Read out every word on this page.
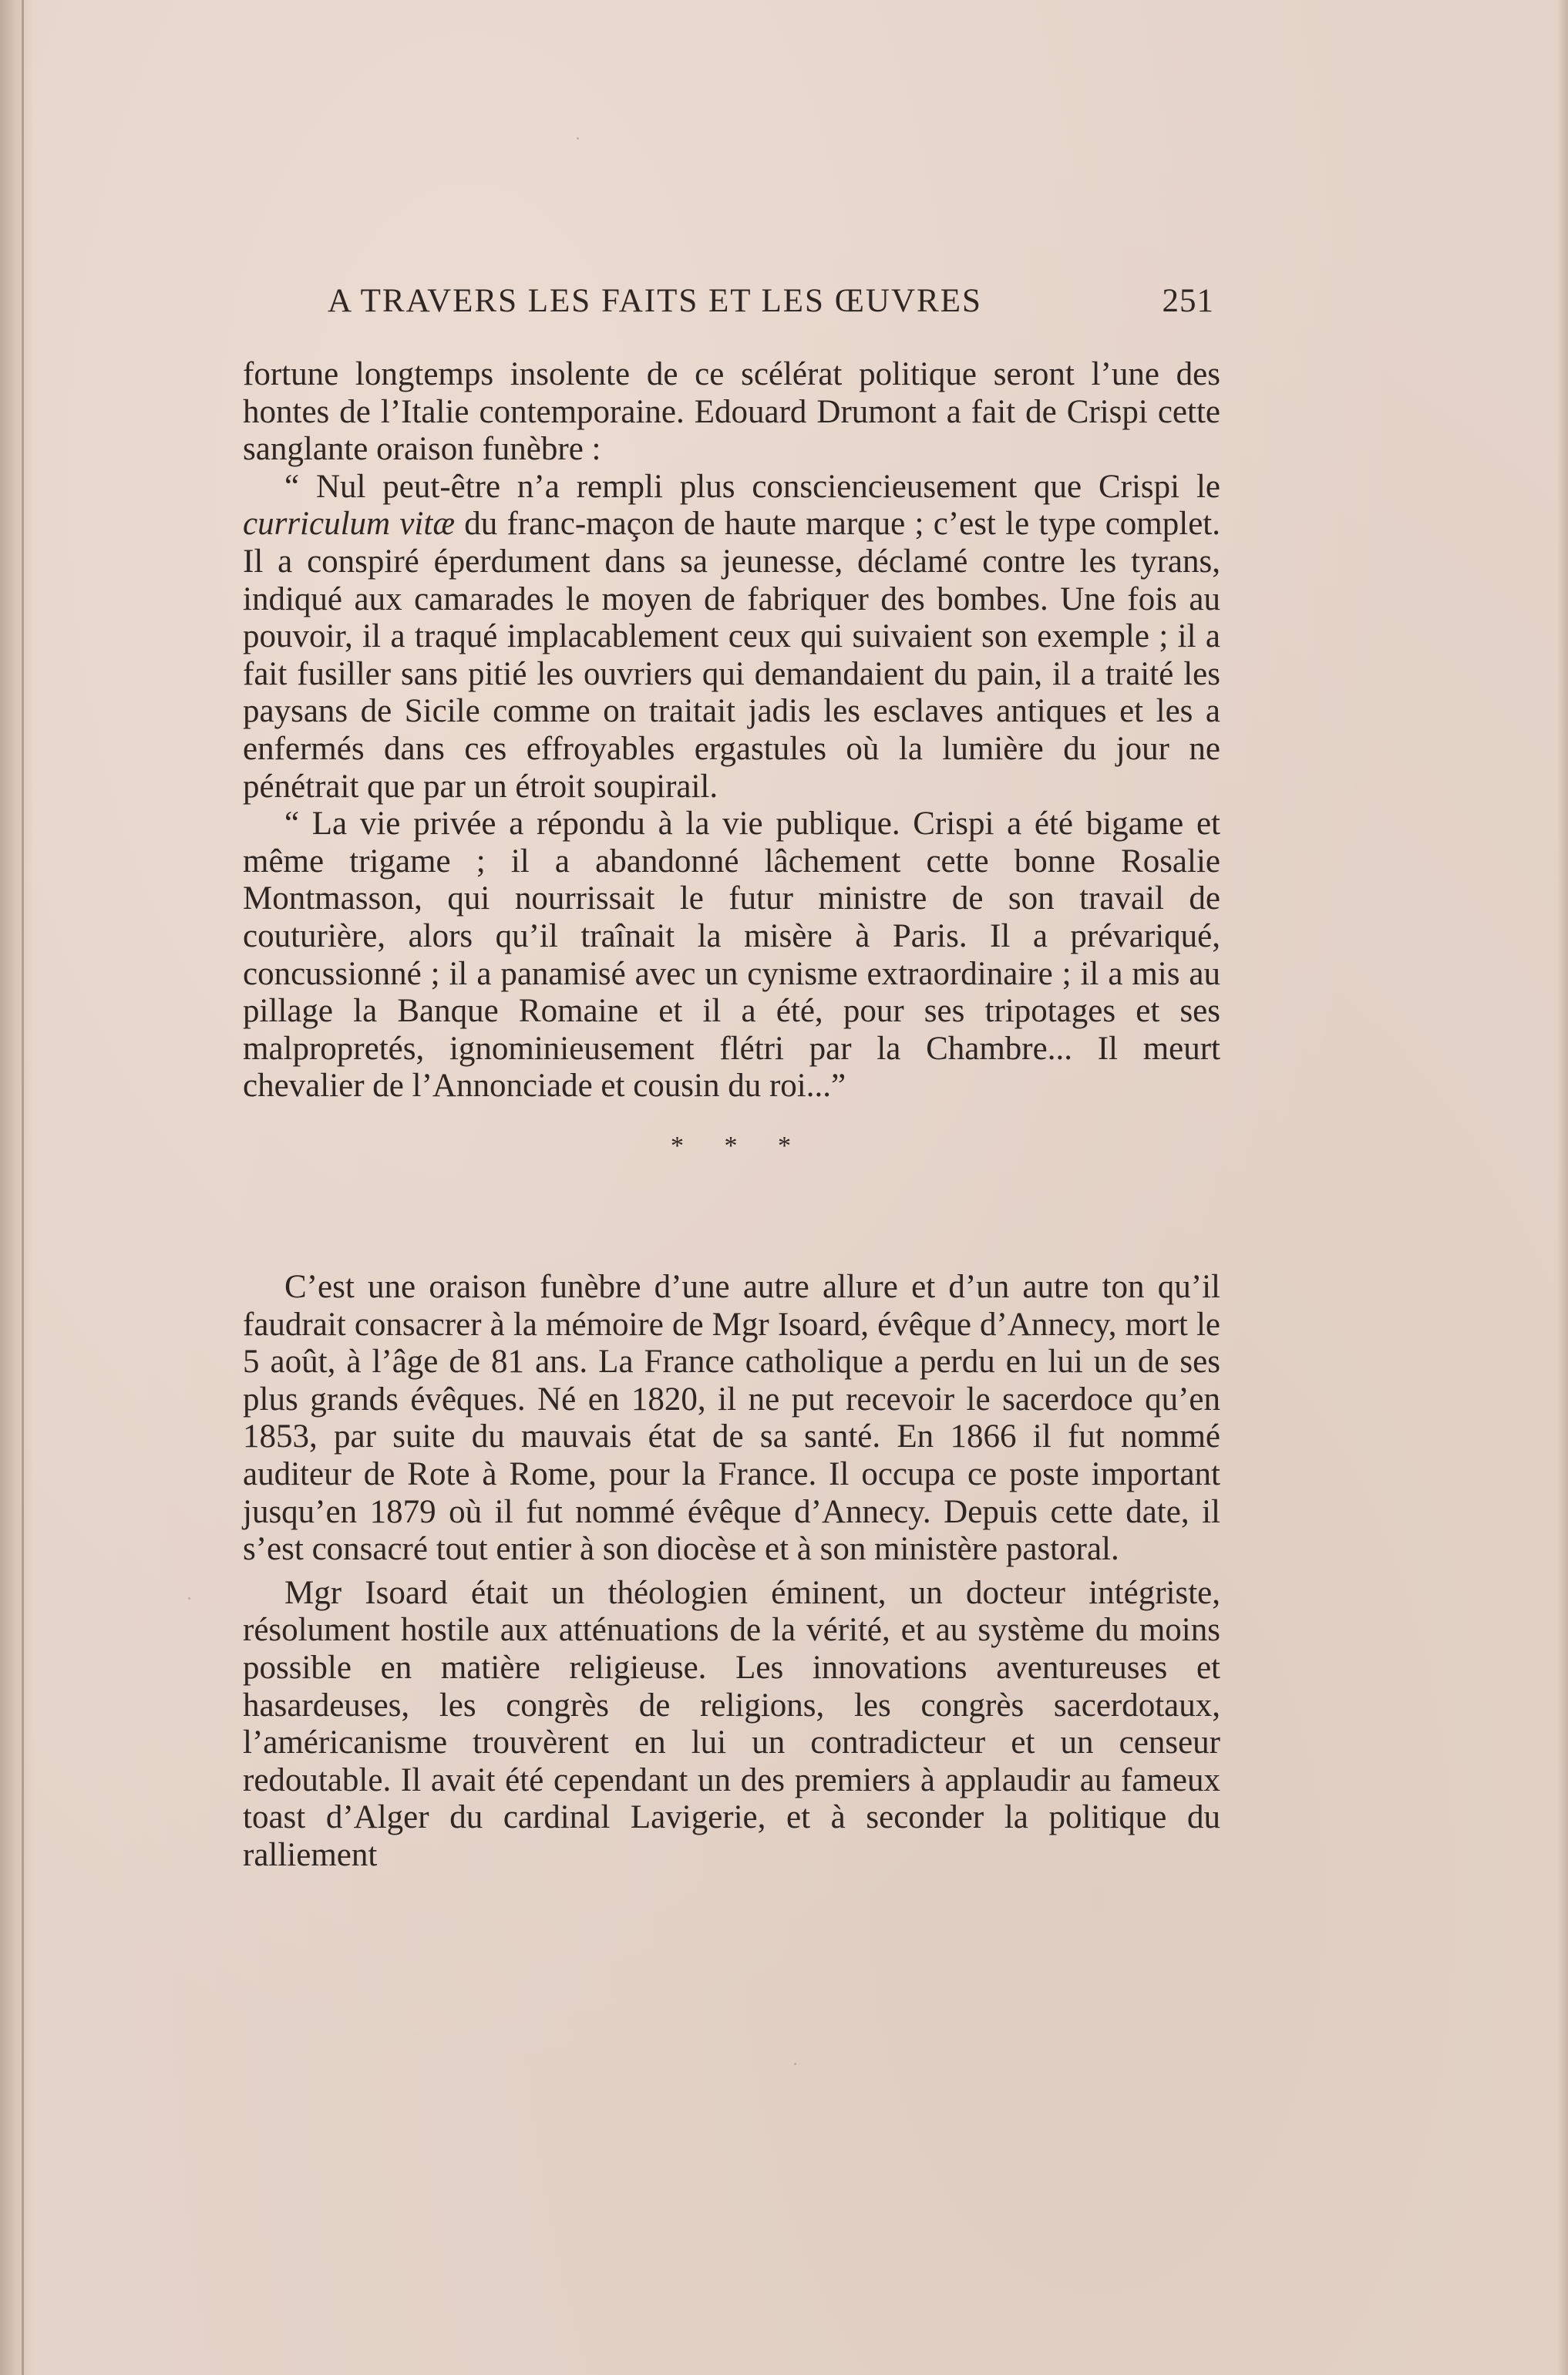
A TRAVERS LES FAITS ET LES ŒUVRES	251

fortune longtemps insolente de ce scélérat politique seront l’une des hontes de l’Italie contemporaine. Edouard Drumont a fait de Crispi cette sanglante oraison funèbre :

“ Nul peut-être n’a rempli plus consciencieusement que Crispi le curriculum vitæ du franc-maçon de haute marque ; c’est le type complet. Il a conspiré éperdument dans sa jeunesse, déclamé contre les tyrans, indiqué aux camarades le moyen de fabriquer des bombes. Une fois au pouvoir, il a traqué implacablement ceux qui suivaient son exemple ; il a fait fusiller sans pitié les ouvriers qui demandaient du pain, il a traité les paysans de Sicile comme on traitait jadis les esclaves antiques et les a enfermés dans ces effroyables ergastules où la lumière du jour ne pénétrait que par un étroit soupirail.

“ La vie privée a répondu à la vie publique. Crispi a été bigame et même trigame ; il a abandonné lâchement cette bonne Rosalie Montmasson, qui nourrissait le futur ministre de son travail de couturière, alors qu’il traînait la misère à Paris. Il a prévariqué, concussionné ; il a panamisé avec un cynisme extraordinaire ; il a mis au pillage la Banque Romaine et il a été, pour ses tripotages et ses malpropretés, ignominieusement flétri par la Chambre... Il meurt chevalier de l’Annonciade et cousin du roi...”

* * *

C’est une oraison funèbre d’une autre allure et d’un autre ton qu’il faudrait consacrer à la mémoire de Mgr Isoard, évêque d’Annecy, mort le 5 août, à l’âge de 81 ans. La France catholique a perdu en lui un de ses plus grands évêques. Né en 1820, il ne put recevoir le sacerdoce qu’en 1853, par suite du mauvais état de sa santé. En 1866 il fut nommé auditeur de Rote à Rome, pour la France. Il occupa ce poste important jusqu’en 1879 où il fut nommé évêque d’Annecy. Depuis cette date, il s’est consacré tout entier à son diocèse et à son ministère pastoral.

Mgr Isoard était un théologien éminent, un docteur intégriste, résolument hostile aux atténuations de la vérité, et au système du moins possible en matière religieuse. Les innovations aventureuses et hasardeuses, les congrès de religions, les congrès sacerdotaux, l’américanisme trouvèrent en lui un contradicteur et un censeur redoutable. Il avait été cependant un des premiers à applaudir au fameux toast d’Alger du cardinal Lavigerie, et à seconder la politique du ralliement
